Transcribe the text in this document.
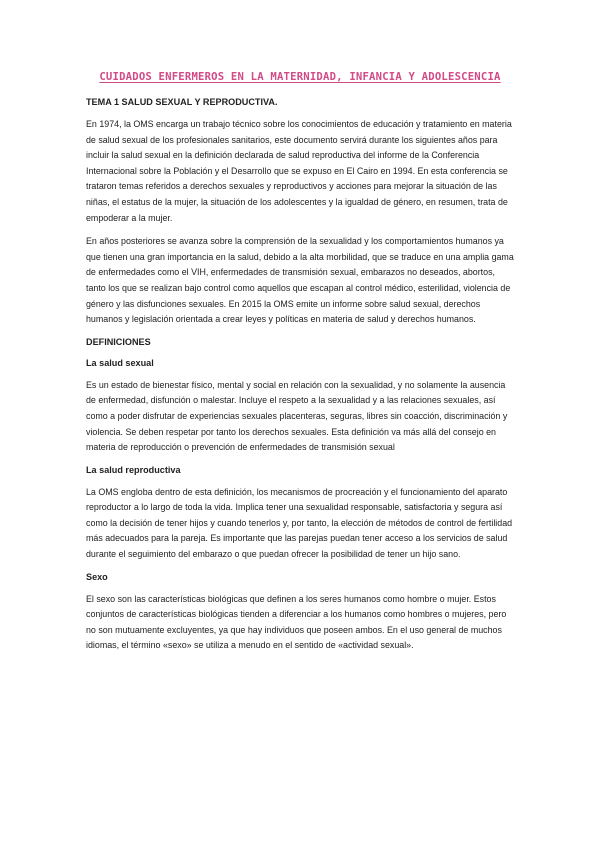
CUIDADOS ENFERMEROS EN LA MATERNIDAD, INFANCIA Y ADOLESCENCIA
TEMA 1 SALUD SEXUAL Y REPRODUCTIVA.

En 1974, la OMS encarga un trabajo técnico sobre los conocimientos de educación y tratamiento en materia de salud sexual de los profesionales sanitarios, este documento servirá durante los siguientes años para incluir la salud sexual en la definición declarada de salud reproductiva del informe de la Conferencia Internacional sobre la Población y el Desarrollo que se expuso en El Cairo en 1994. En esta conferencia se trataron temas referidos a derechos sexuales y reproductivos y acciones para mejorar la situación de las niñas, el estatus de la mujer, la situación de los adolescentes y la igualdad de género, en resumen, trata de empoderar a la mujer.

En años posteriores se avanza sobre la comprensión de la sexualidad y los comportamientos humanos ya que tienen una gran importancia en la salud, debido a la alta morbilidad, que se traduce en una amplia gama de enfermedades como el VIH, enfermedades de transmisión sexual, embarazos no deseados, abortos, tanto los que se realizan bajo control como aquellos que escapan al control médico, esterilidad, violencia de género y las disfunciones sexuales. En 2015 la OMS emite un informe sobre salud sexual, derechos humanos y legislación orientada a crear leyes y políticas en materia de salud y derechos humanos.

DEFINICIONES
La salud sexual

Es un estado de bienestar físico, mental y social en relación con la sexualidad, y no solamente la ausencia de enfermedad, disfunción o malestar. Incluye el respeto a la sexualidad y a las relaciones sexuales, así como a poder disfrutar de experiencias sexuales placenteras, seguras, libres sin coacción, discriminación y violencia. Se deben respetar por tanto los derechos sexuales. Esta definición va más allá del consejo en materia de reproducción o prevención de enfermedades de transmisión sexual

La salud reproductiva

La OMS engloba dentro de esta definición, los mecanismos de procreación y el funcionamiento del aparato reproductor a lo largo de toda la vida. Implica tener una sexualidad responsable, satisfactoria y segura así como la decisión de tener hijos y cuando tenerlos y, por tanto, la elección de métodos de control de fertilidad más adecuados para la pareja. Es importante que las parejas puedan tener acceso a los servicios de salud durante el seguimiento del embarazo o que puedan ofrecer la posibilidad de tener un hijo sano.

Sexo

El sexo son las características biológicas que definen a los seres humanos como hombre o mujer. Estos conjuntos de características biológicas tienden a diferenciar a los humanos como hombres o mujeres, pero no son mutuamente excluyentes, ya que hay individuos que poseen ambos. En el uso general de muchos idiomas, el término «sexo» se utiliza a menudo en el sentido de «actividad sexual».
